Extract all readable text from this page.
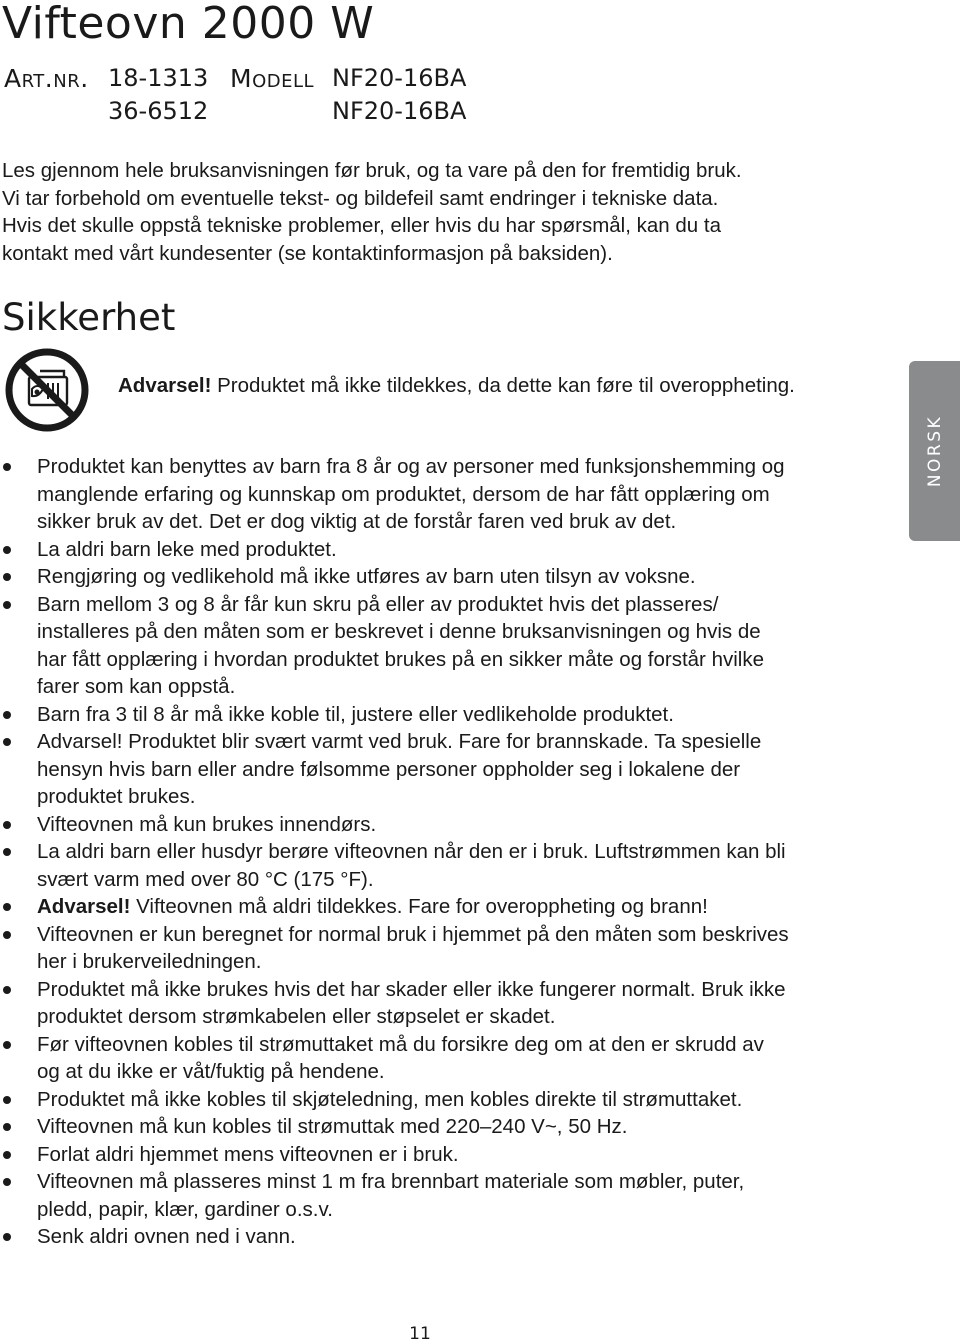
Vifteovn 2000 W
Art.nr. 18-1313 Modell NF20-16BA
36-6512	NF20-16BA

Les gjennom hele bruksanvisningen før bruk, og ta vare på den for fremtidig bruk.

Vi tar forbehold om eventuelle tekst- og bildefeil samt endringer i tekniske data.

Hvis det skulle oppstå tekniske problemer, eller hvis du har spørsmål, kan du ta

kontakt med vårt kundesenter (se kontaktinformasjon på baksiden).

Sikkerhet
Advarsel! Produktet må ikke tildekkes, da dette kan føre til overoppheting.
NORSK
Produktet kan benyttes av barn fra 8 år og av personer med funksjonshemming og
manglende erfaring og kunnskap om produktet, dersom de har fått opplæring om
sikker bruk av det. Det er dog viktig at de forstår faren ved bruk av det.
La aldri barn leke med produktet.
Rengjøring og vedlikehold må ikke utføres av barn uten tilsyn av voksne.
Barn mellom 3 og 8 år får kun skru på eller av produktet hvis det plasseres/
installeres på den måten som er beskrevet i denne bruksanvisningen og hvis de
har fått opplæring i hvordan produktet brukes på en sikker måte og forstår hvilke
farer som kan oppstå.
Barn fra 3 til 8 år må ikke koble til, justere eller vedlikeholde produktet.
Advarsel! Produktet blir svært varmt ved bruk. Fare for brannskade. Ta spesielle
hensyn hvis barn eller andre følsomme personer oppholder seg i lokalene der
produktet brukes.
Vifteovnen må kun brukes innendørs.
La aldri barn eller husdyr berøre vifteovnen når den er i bruk. Luftstrømmen kan bli
svært varm med over 80 °C (175 °F).
Advarsel! Vifteovnen må aldri tildekkes. Fare for overoppheting og brann!
Vifteovnen er kun beregnet for normal bruk i hjemmet på den måten som beskrives
her i brukerveiledningen.
Produktet må ikke brukes hvis det har skader eller ikke fungerer normalt. Bruk ikke
produktet dersom strømkabelen eller støpselet er skadet.
Før vifteovnen kobles til strømuttaket må du forsikre deg om at den er skrudd av
og at du ikke er våt/fuktig på hendene.
Produktet må ikke kobles til skjøteledning, men kobles direkte til strømuttaket.
Vifteovnen må kun kobles til strømuttak med 220–240 V~, 50 Hz.
Forlat aldri hjemmet mens vifteovnen er i bruk.
Vifteovnen må plasseres minst 1 m fra brennbart materiale som møbler, puter,
pledd, papir, klær, gardiner o.s.v.
Senk aldri ovnen ned i vann.
11
